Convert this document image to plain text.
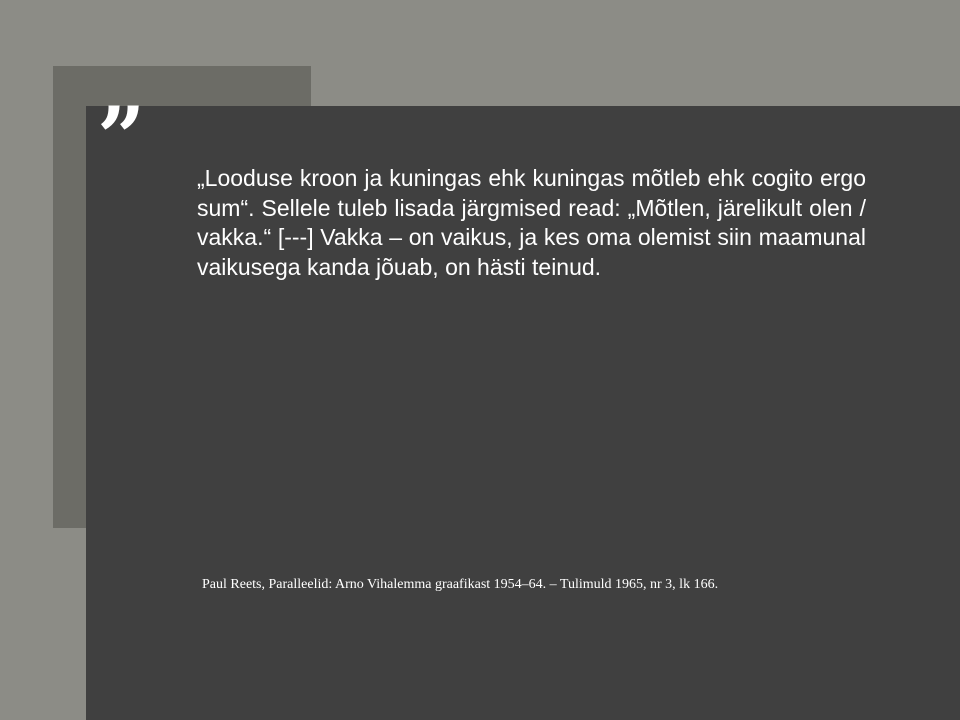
” „Looduse kroon ja kuningas ehk kuningas mõtleb ehk cogito ergo sum“. Sellele tuleb lisada järgmised read: „Mõtlen, järelikult olen / vakka.“ [---] Vakka – on vaikus, ja kes oma olemist siin maamunal vaikusega kanda jõuab, on hästi teinud.

Paul Reets, Paralleelid: Arno Vihalemma graafikast 1954–64. – Tulimuld 1965, nr 3, lk 166.
